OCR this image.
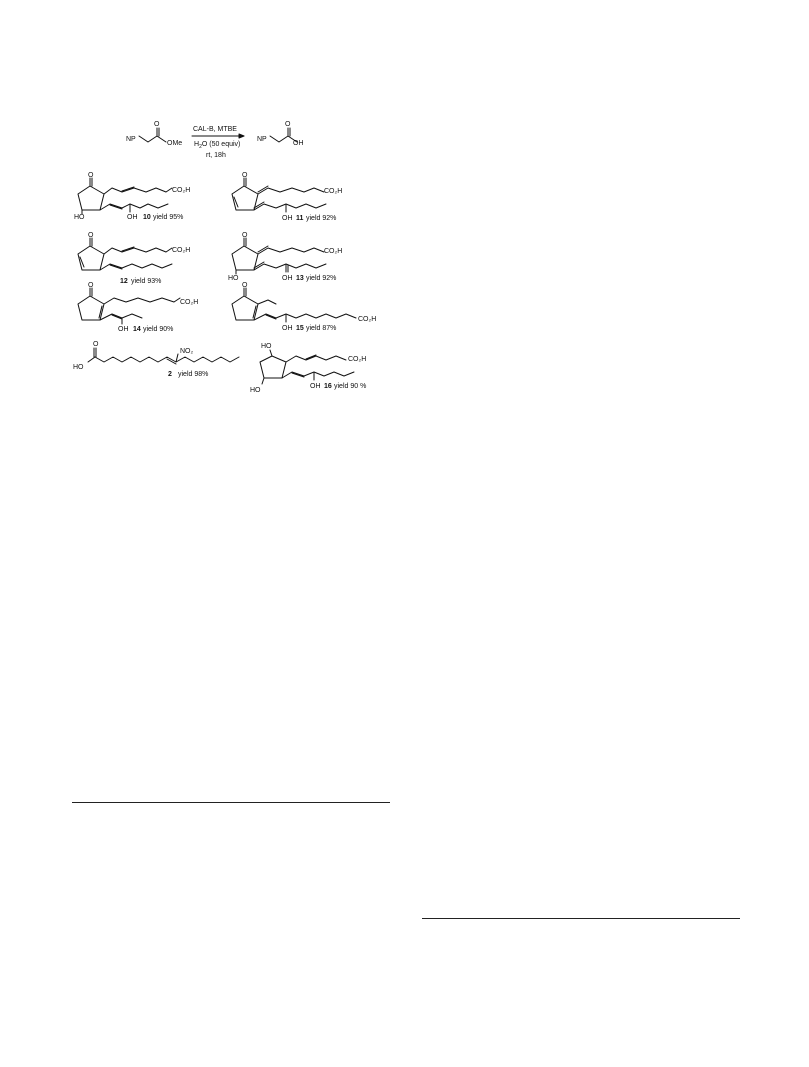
NP
O
OMe
CAL-B, MTBE
$H_2O$ (50 equiv)
rt, 18h
NP
O
OH
O
CO₂H
HO	OH 10 yield 95%
O
CO₂H
OH 11 yield 92%
O
CO₂H
12 yield 93%
O
CO₂H
HO	OH 13 yield 92%
O
CO₂H
OH 14 yield 90%
O
CO₂H
OH 15 yield 87%
O
HO
NO₂
2 yield 98%
HO
CO₂H
HO
OH 16 yield 90 %
